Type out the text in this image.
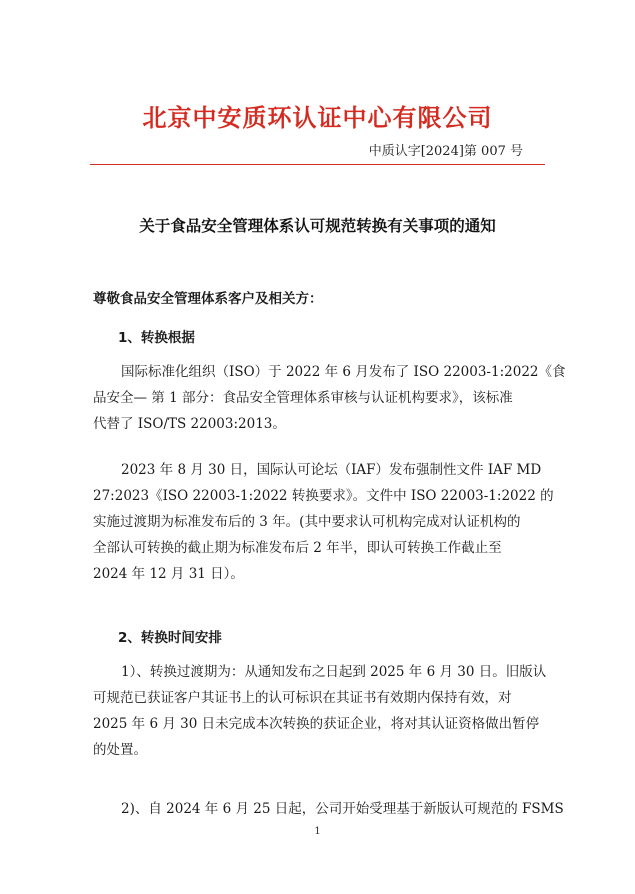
北京中安质环认证中心有限公司
中质认字[2024]第 007 号
关于食品安全管理体系认可规范转换有关事项的通知
尊敬食品安全管理体系客户及相关方：
1、转换根据
国际标准化组织（ISO）于 2022 年 6 月发布了 ISO 22003-1:2022《食
品安全— 第 1 部分：食品安全管理体系审核与认证机构要求》，该标准
代替了 ISO/TS 22003:2013。
2023 年 8 月 30 日，国际认可论坛（IAF）发布强制性文件 IAF MD
27:2023《ISO 22003-1:2022 转换要求》。文件中 ISO 22003-1:2022 的
实施过渡期为标准发布后的 3 年。(其中要求认可机构完成对认证机构的
全部认可转换的截止期为标准发布后 2 年半，即认可转换工作截止至
2024 年 12 月 31 日）。
2、转换时间安排
1）、转换过渡期为：从通知发布之日起到 2025 年 6 月 30 日。旧版认
可规范已获证客户其证书上的认可标识在其证书有效期内保持有效，对
2025 年 6 月 30 日未完成本次转换的获证企业，将对其认证资格做出暂停
的处置。
2)、自 2024 年 6 月 25 日起，公司开始受理基于新版认可规范的 FSMS
1
